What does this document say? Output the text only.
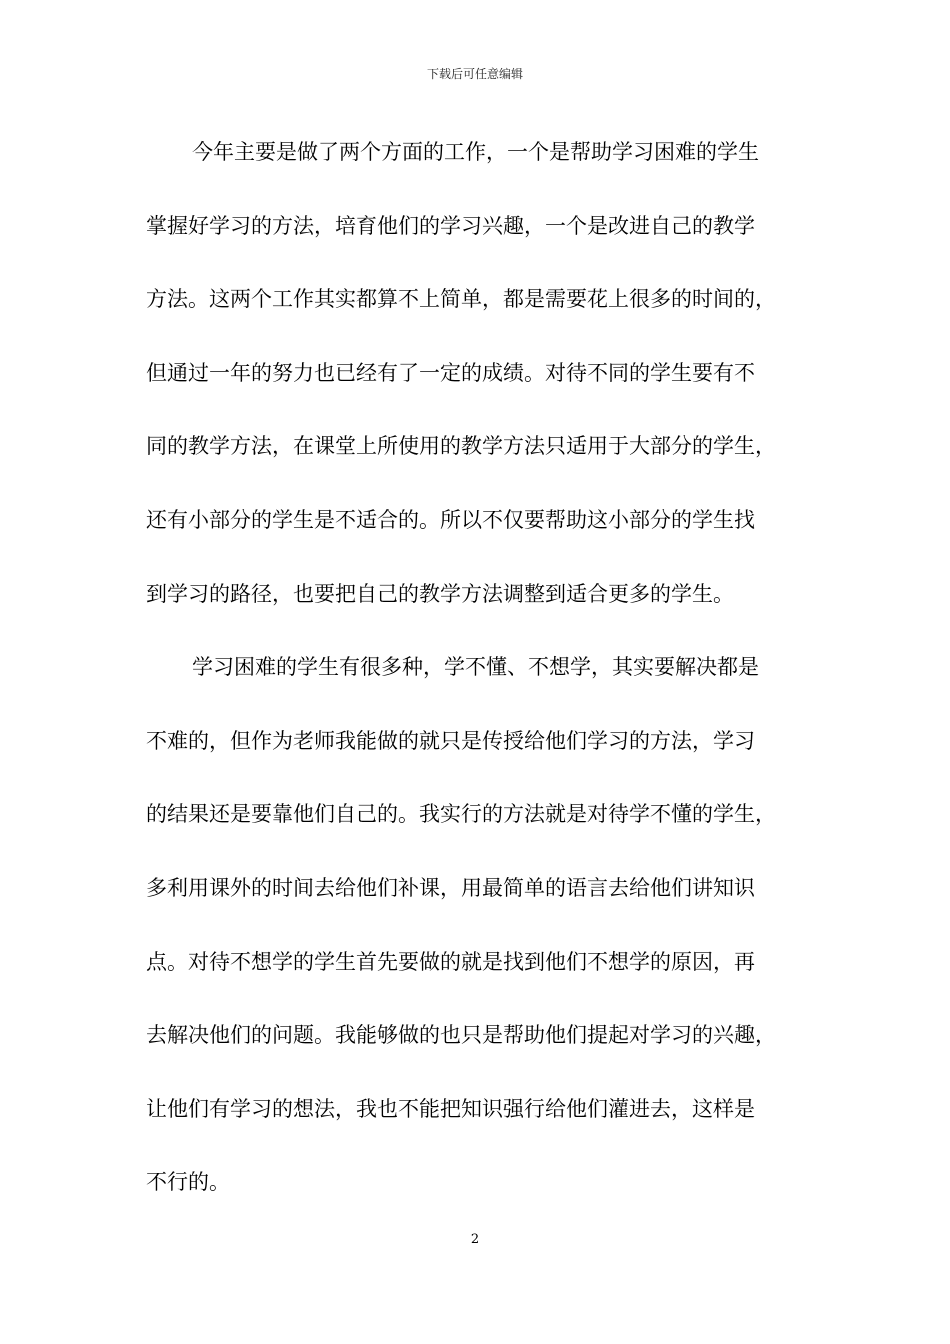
下载后可任意编辑
今年主要是做了两个方面的工作，一个是帮助学习困难的学生
掌握好学习的方法，培育他们的学习兴趣，一个是改进自己的教学
方法。这两个工作其实都算不上简单，都是需要花上很多的时间的，
但通过一年的努力也已经有了一定的成绩。对待不同的学生要有不
同的教学方法，在课堂上所使用的教学方法只适用于大部分的学生，
还有小部分的学生是不适合的。所以不仅要帮助这小部分的学生找
到学习的路径，也要把自己的教学方法调整到适合更多的学生。
学习困难的学生有很多种，学不懂、不想学，其实要解决都是
不难的，但作为老师我能做的就只是传授给他们学习的方法，学习
的结果还是要靠他们自己的。我实行的方法就是对待学不懂的学生，
多利用课外的时间去给他们补课，用最简单的语言去给他们讲知识
点。对待不想学的学生首先要做的就是找到他们不想学的原因，再
去解决他们的问题。我能够做的也只是帮助他们提起对学习的兴趣，
让他们有学习的想法，我也不能把知识强行给他们灌进去，这样是
不行的。
2
